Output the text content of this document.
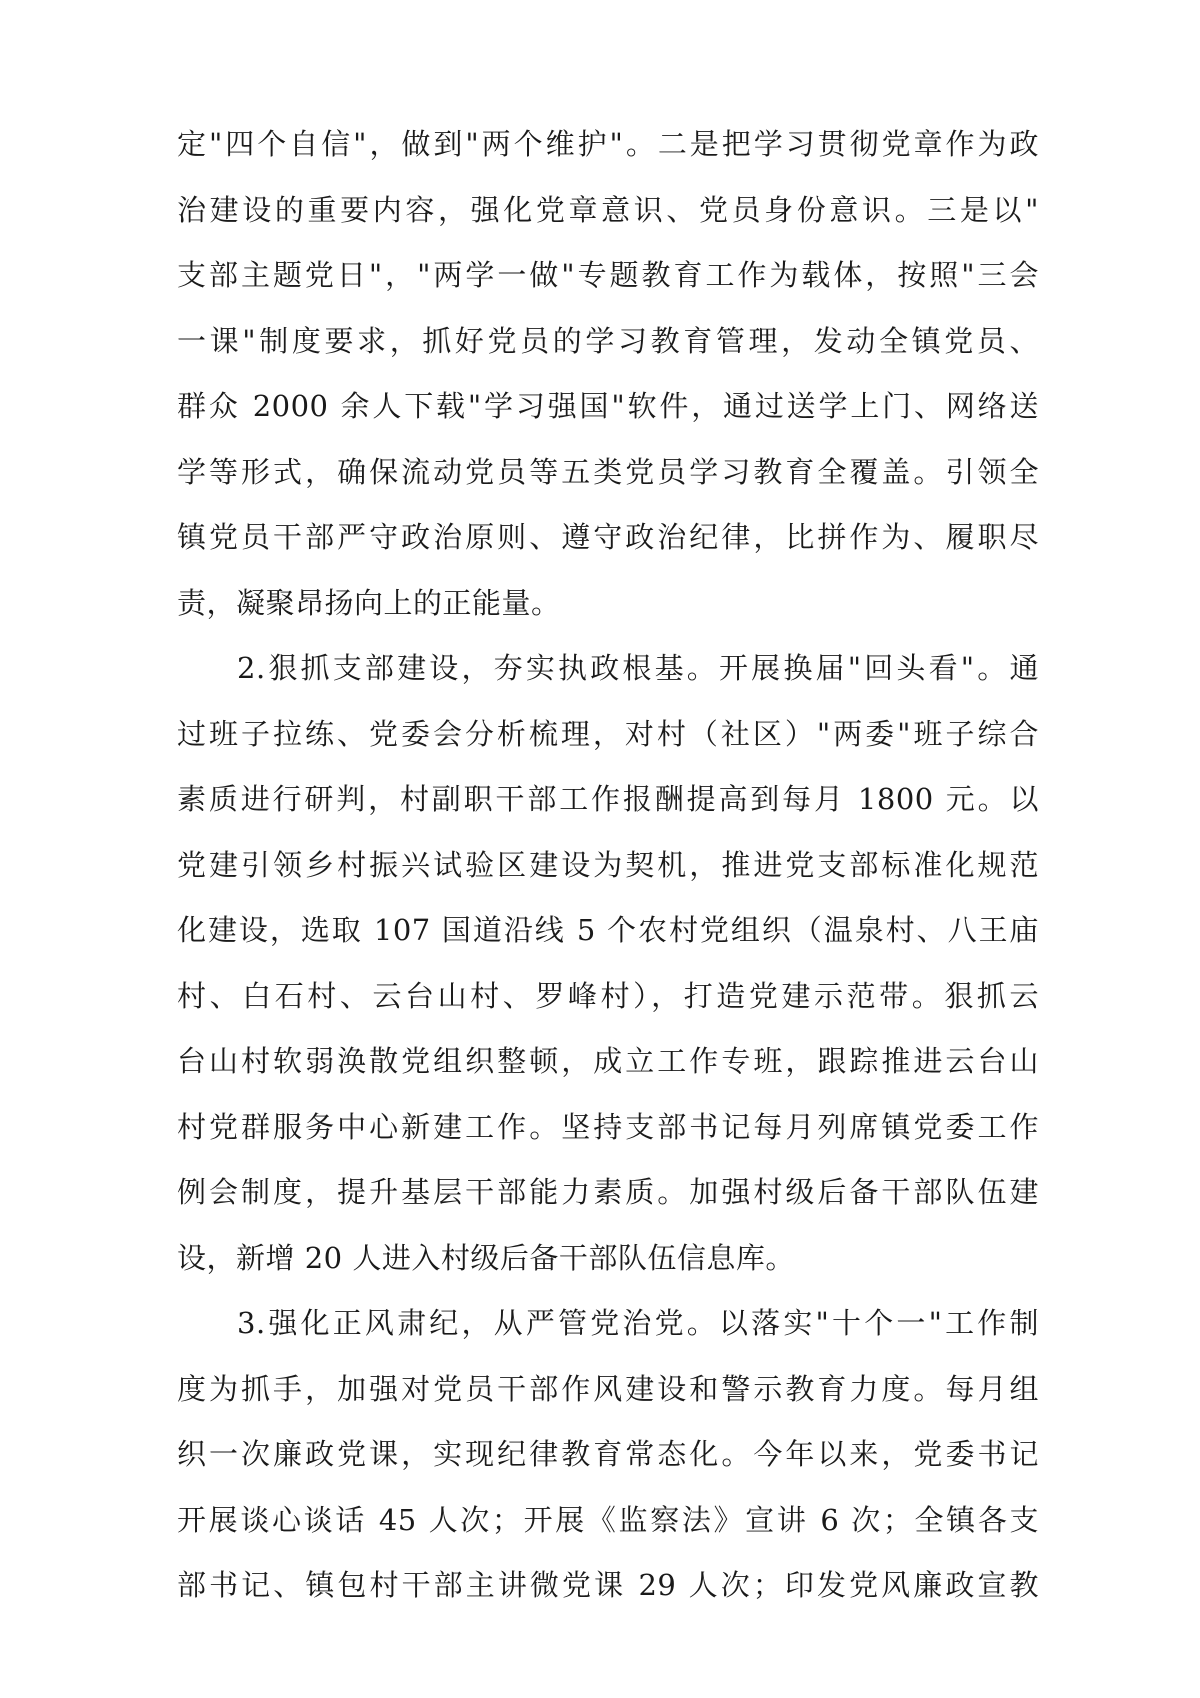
定"四个自信"，做到"两个维护"。二是把学习贯彻党章作为政
治建设的重要内容，强化党章意识、党员身份意识。三是以"
支部主题党日"，"两学一做"专题教育工作为载体，按照"三会
一课"制度要求，抓好党员的学习教育管理，发动全镇党员、
群众 2000 余人下载"学习强国"软件，通过送学上门、网络送
学等形式，确保流动党员等五类党员学习教育全覆盖。引领全
镇党员干部严守政治原则、遵守政治纪律，比拼作为、履职尽
责，凝聚昂扬向上的正能量。
2.狠抓支部建设，夯实执政根基。开展换届"回头看"。通
过班子拉练、党委会分析梳理，对村（社区）"两委"班子综合
素质进行研判，村副职干部工作报酬提高到每月 1800 元。以
党建引领乡村振兴试验区建设为契机，推进党支部标准化规范
化建设，选取 107 国道沿线 5 个农村党组织（温泉村、八王庙
村、白石村、云台山村、罗峰村），打造党建示范带。狠抓云
台山村软弱涣散党组织整顿，成立工作专班，跟踪推进云台山
村党群服务中心新建工作。坚持支部书记每月列席镇党委工作
例会制度，提升基层干部能力素质。加强村级后备干部队伍建
设，新增 20 人进入村级后备干部队伍信息库。
3.强化正风肃纪，从严管党治党。以落实"十个一"工作制
度为抓手，加强对党员干部作风建设和警示教育力度。每月组
织一次廉政党课，实现纪律教育常态化。今年以来，党委书记
开展谈心谈话 45 人次；开展《监察法》宣讲 6 次；全镇各支
部书记、镇包村干部主讲微党课 29 人次；印发党风廉政宣教
